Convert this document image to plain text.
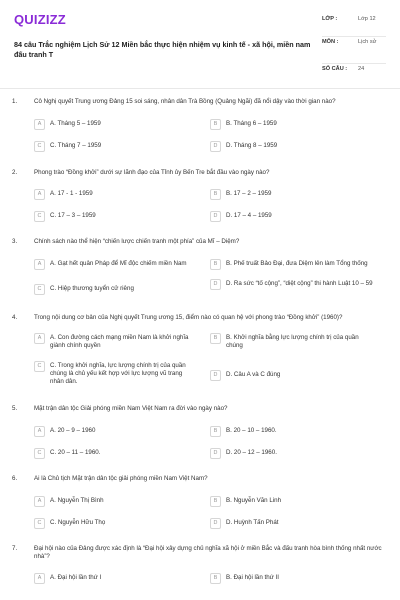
QUIZIZZ
84 câu Trắc nghiệm Lịch Sử 12 Miền bắc thực hiện nhiệm vụ kinh tế - xã hội, miền nam đấu tranh T
LỚP :	Lớp 12
MÔN :	Lịch sử
SỐ CÂU : 24
1.	Cô Nghị quyết Trung ương Đảng 15 soi sáng, nhân dân Trà Bồng (Quảng Ngãi) đã nổi dậy vào thời gian nào?
A	A. Tháng 5 – 1959	B	B. Tháng 6 – 1959
C	C. Tháng 7 – 1959	D	D. Tháng 8 – 1959
2.	Phong trào “Đồng khởi” dưới sự lãnh đạo của Tỉnh ủy Bến Tre bắt đầu vào ngày nào?
A	A. 17 - 1 - 1959	B	B. 17 – 2 – 1959
C	C. 17 – 3 – 1959	D	D. 17 – 4 – 1959
3.	Chính sách nào thể hiện “chiến lược chiến tranh một phía” của Mĩ – Diệm?
A	A. Gạt hết quân Pháp để Mĩ độc chiếm miền Nam	B	B. Phế truất Bảo Đại, đưa Diệm lên làm Tổng thống
C	C. Hiệp thương tuyển cử riêng
D	D. Ra sức “tố cộng”, “diệt cộng” thi hành Luật 10 – 59
4.	Trong nội dung cơ bản của Nghị quyết Trung ương 15, điểm nào có quan hệ với phong trào “Đồng khởi” (1960)?
A	A. Con đường cách mạng miền Nam là khởi nghĩa giành chính quyền
B	B. Khởi nghĩa bằng lực lượng chính trị của quần chúng
C	C. Trong khởi nghĩa, lực lượng chính trị của quần chúng là chủ yếu kết hợp với lực lượng vũ trang nhân dân.
D	D. Câu A và C đúng
5.	Mặt trận dân tộc Giải phóng miền Nam Việt Nam ra đời vào ngày nào?
A	A. 20 – 9 – 1960	B	B. 20 – 10 – 1960.
C	C. 20 – 11 – 1960.	D	D. 20 – 12 – 1960.
6.	Ai là Chủ tịch Mặt trận dân tộc giải phóng miền Nam Việt Nam?
A	A. Nguyễn Thị Bình	B	B. Nguyễn Văn Linh
C	C. Nguyễn Hữu Thọ	D	D. Huỳnh Tấn Phát
7.	Đại hội nào của Đảng được xác định là “Đại hội xây dựng chủ nghĩa xã hội ở miền Bắc và đấu tranh hòa bình thống nhất nước nhà”?
A	A. Đại hội lần thứ I	B	B. Đại hội lần thứ II
